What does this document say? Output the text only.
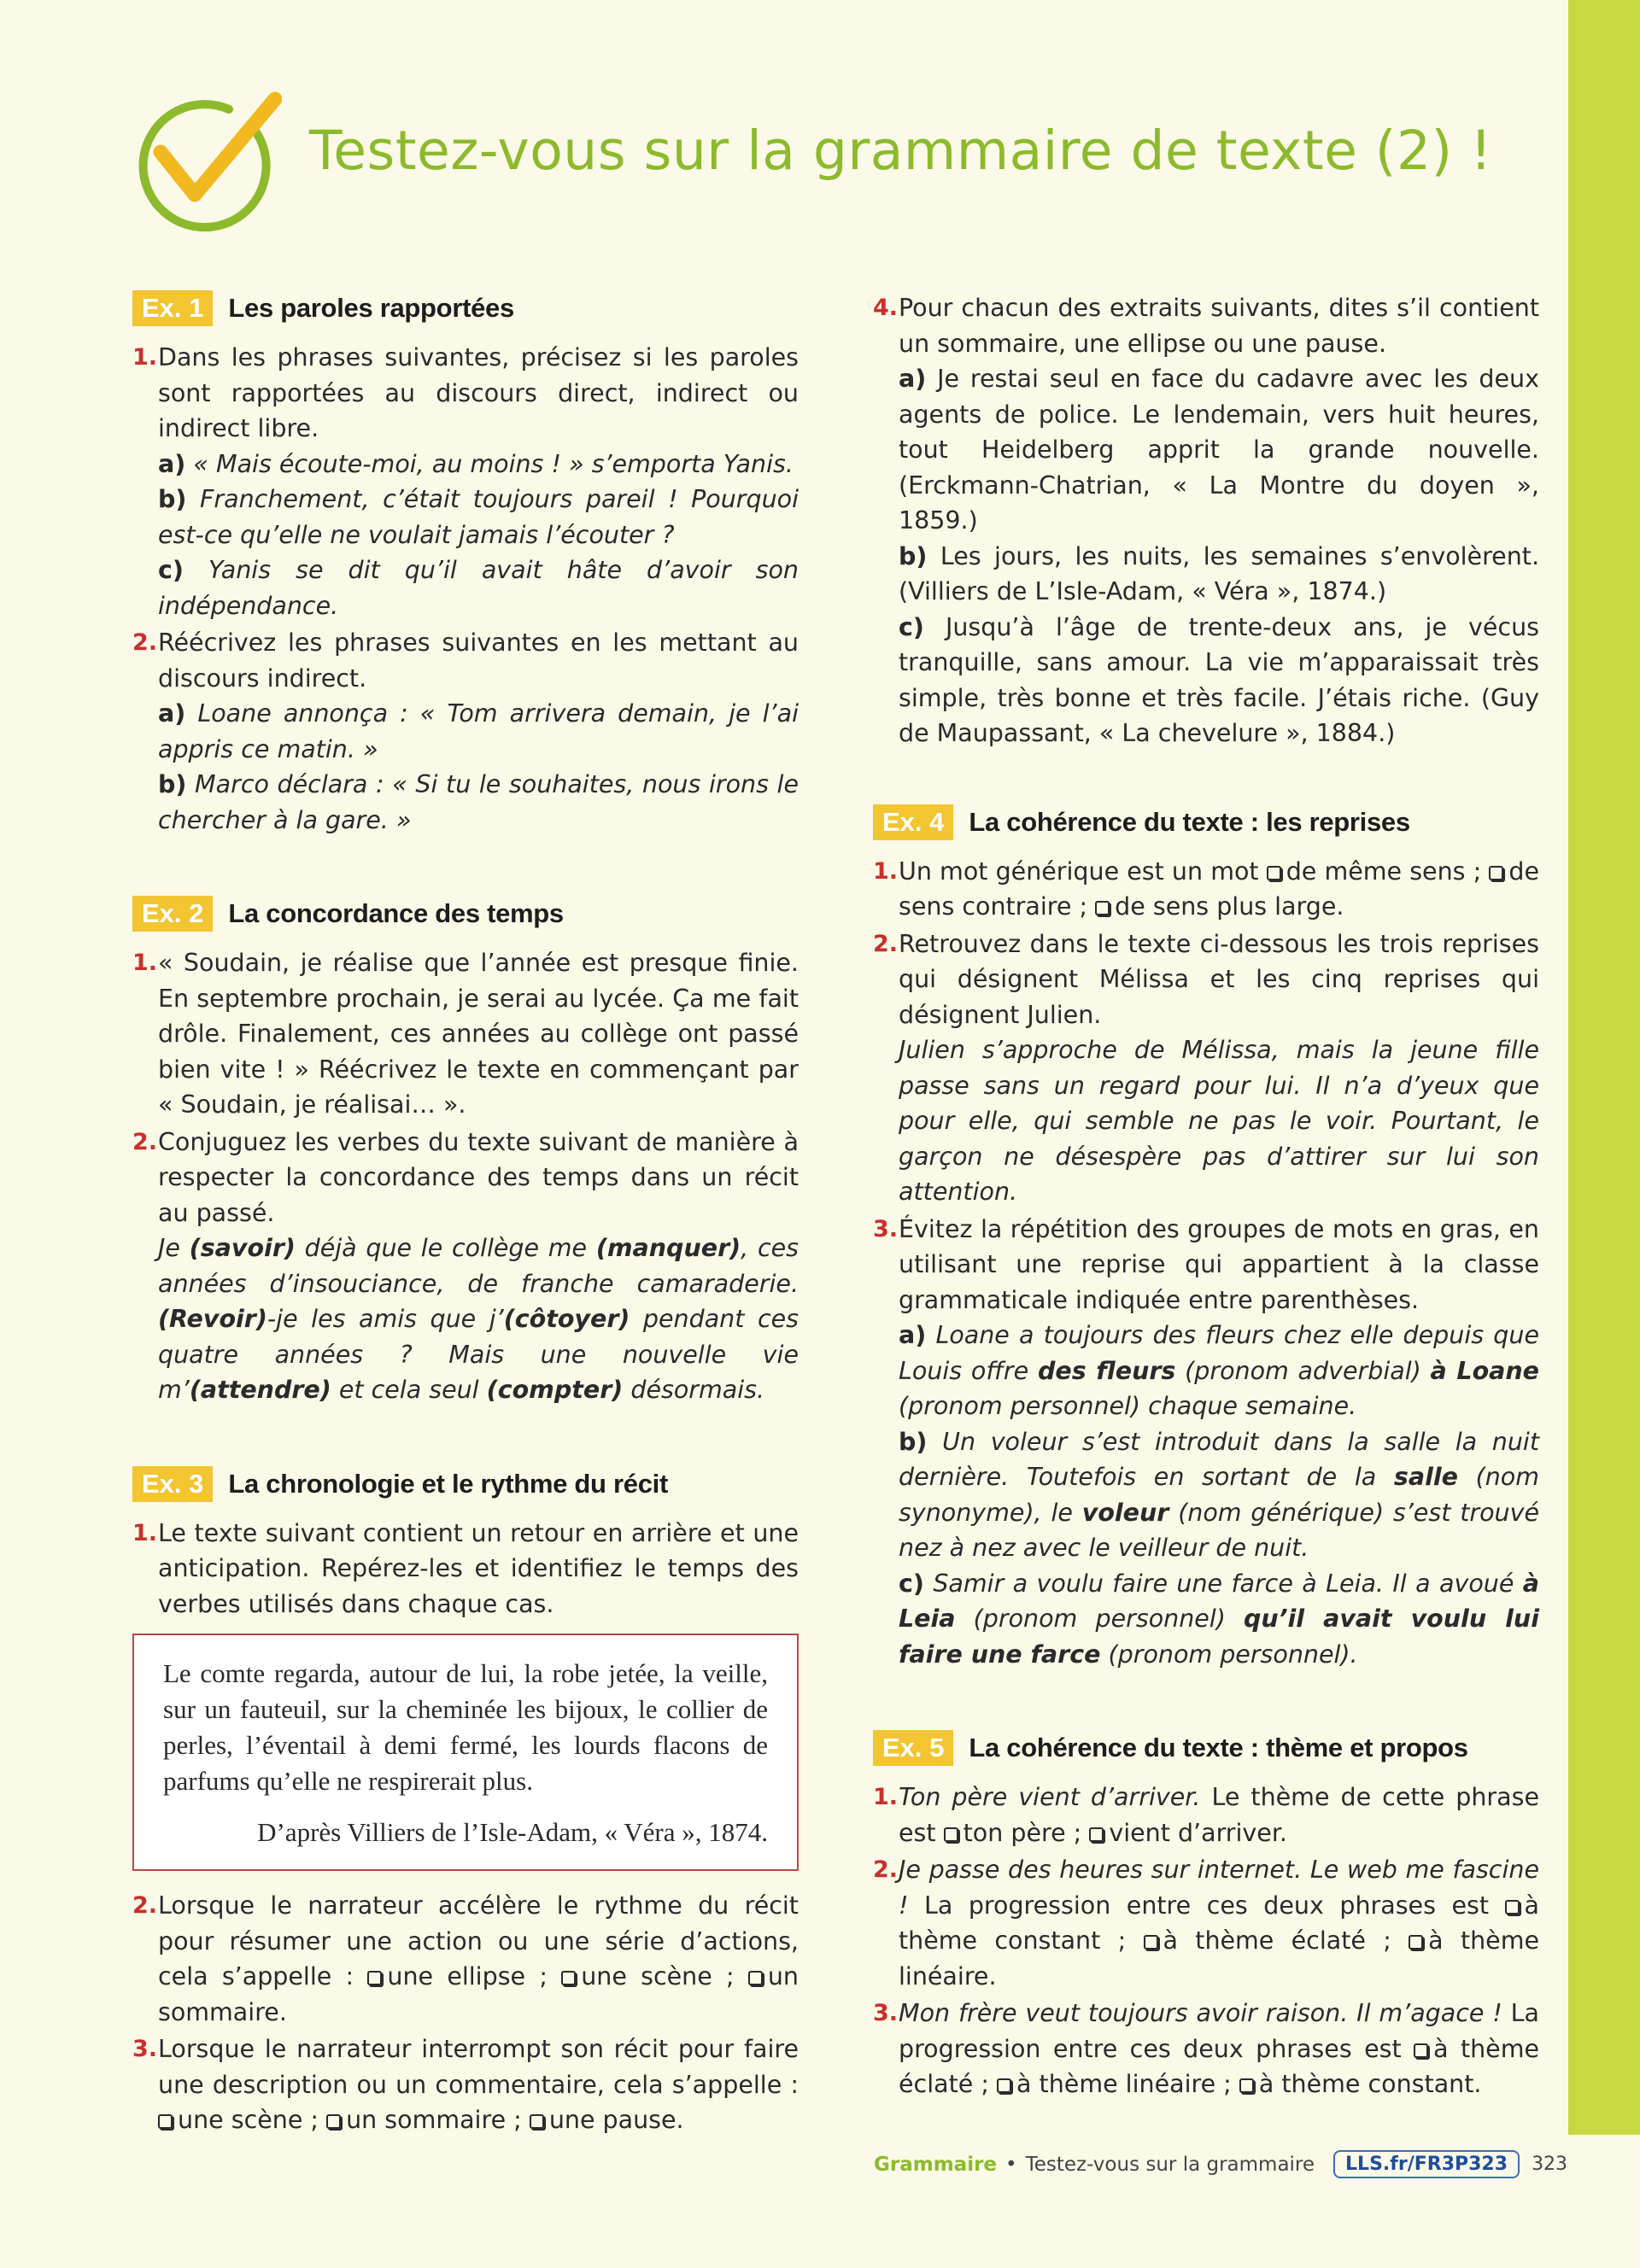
Testez-vous sur la grammaire de texte (2) !
Ex. 1 Les paroles rapportées
1. Dans les phrases suivantes, précisez si les paroles sont rapportées au discours direct, indirect ou indirect libre.

a) « Mais écoute-moi, au moins ! » s’emporta Yanis.

b) Franchement, c’était toujours pareil ! Pourquoi est-ce qu’elle ne voulait jamais l’écouter ?

c) Yanis se dit qu’il avait hâte d’avoir son indépendance.

2. Réécrivez les phrases suivantes en les mettant au discours indirect.

a) Loane annonça : « Tom arrivera demain, je l’ai appris ce matin. »

b) Marco déclara : « Si tu le souhaites, nous irons le chercher à la gare. »

Ex. 2 La concordance des temps
1. « Soudain, je réalise que l’année est presque finie. En septembre prochain, je serai au lycée. Ça me fait drôle. Finalement, ces années au collège ont passé bien vite ! » Réécrivez le texte en commençant par « Soudain, je réalisai… ».

2. Conjuguez les verbes du texte suivant de manière à respecter la concordance des temps dans un récit au passé.

Je (savoir) déjà que le collège me (manquer), ces années d’insouciance, de franche camaraderie. (Revoir)-je les amis que j’(côtoyer) pendant ces quatre années ? Mais une nouvelle vie m’(attendre) et cela seul (compter) désormais.

Ex. 3 La chronologie et le rythme du récit
1. Le texte suivant contient un retour en arrière et une anticipation. Repérez-les et identifiez le temps des verbes utilisés dans chaque cas.

Le comte regarda, autour de lui, la robe jetée, la veille, sur un fauteuil, sur la cheminée les bijoux, le collier de perles, l’éventail à demi fermé, les lourds flacons de parfums qu’elle ne respirerait plus.
D’après Villiers de l’Isle-Adam, « Véra », 1874.
2. Lorsque le narrateur accélère le rythme du récit pour résumer une action ou une série d’actions, cela s’appelle : une ellipse ; une scène ; un sommaire.

3. Lorsque le narrateur interrompt son récit pour faire une description ou un commentaire, cela s’appelle : une scène ; un sommaire ; une pause.

4. Pour chacun des extraits suivants, dites s’il contient un sommaire, une ellipse ou une pause.

a) Je restai seul en face du cadavre avec les deux agents de police. Le lendemain, vers huit heures, tout Heidelberg apprit la grande nouvelle. (Erckmann-Chatrian, « La Montre du doyen », 1859.)

b) Les jours, les nuits, les semaines s’envolèrent. (Villiers de L’Isle-Adam, « Véra », 1874.)

c) Jusqu’à l’âge de trente-deux ans, je vécus tranquille, sans amour. La vie m’apparaissait très simple, très bonne et très facile. J’étais riche. (Guy de Maupassant, « La chevelure », 1884.)

Ex. 4 La cohérence du texte : les reprises
1. Un mot générique est un mot de même sens ; de sens contraire ; de sens plus large.

2. Retrouvez dans le texte ci-dessous les trois reprises qui désignent Mélissa et les cinq reprises qui désignent Julien.

Julien s’approche de Mélissa, mais la jeune fille passe sans un regard pour lui. Il n’a d’yeux que pour elle, qui semble ne pas le voir. Pourtant, le garçon ne désespère pas d’attirer sur lui son attention.

3. Évitez la répétition des groupes de mots en gras, en utilisant une reprise qui appartient à la classe grammaticale indiquée entre parenthèses.

a) Loane a toujours des fleurs chez elle depuis que Louis offre des fleurs (pronom adverbial) à Loane (pronom personnel) chaque semaine.

b) Un voleur s’est introduit dans la salle la nuit dernière. Toutefois en sortant de la salle (nom synonyme), le voleur (nom générique) s’est trouvé nez à nez avec le veilleur de nuit.

c) Samir a voulu faire une farce à Leia. Il a avoué à Leia (pronom personnel) qu’il avait voulu lui faire une farce (pronom personnel).

Ex. 5 La cohérence du texte : thème et propos
1. Ton père vient d’arriver. Le thème de cette phrase est ton père ; vient d’arriver.

2. Je passe des heures sur internet. Le web me fascine ! La progression entre ces deux phrases est à thème constant ; à thème éclaté ; à thème linéaire.

3. Mon frère veut toujours avoir raison. Il m’agace ! La progression entre ces deux phrases est à thème éclaté ; à thème linéaire ; à thème constant.

Grammaire • Testez-vous sur la grammaire	LLS.fr/FR3P323	323
